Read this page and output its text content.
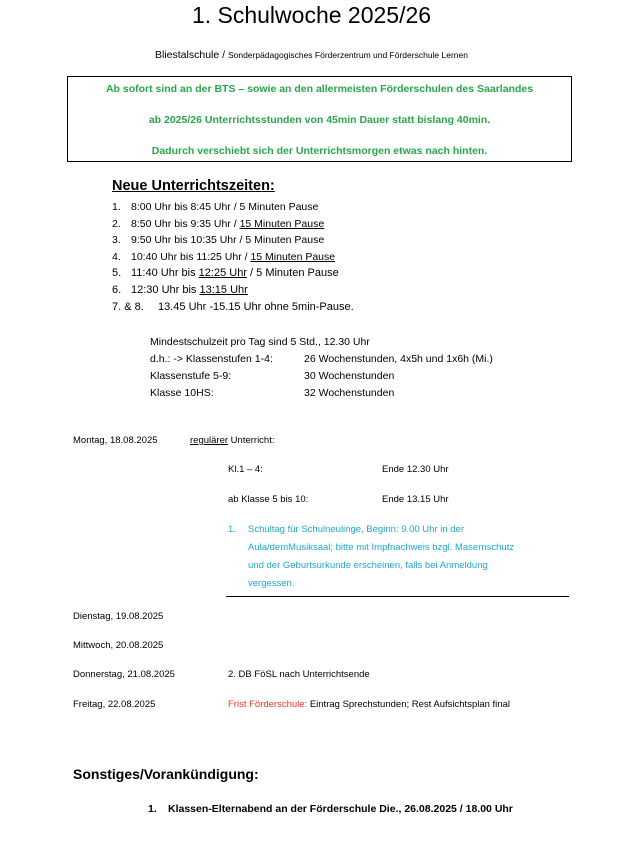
1. Schulwoche 2025/26
Bliestalschule / Sonderpädagogisches Förderzentrum und Förderschule Lernen
Ab sofort sind an der BTS – sowie an den allermeisten Förderschulen des Saarlandes
ab 2025/26 Unterrichtsstunden von 45min Dauer statt bislang 40min.
Dadurch verschiebt sich der Unterrichtsmorgen etwas nach hinten.
Neue Unterrichtszeiten:
1. 8:00 Uhr bis 8:45 Uhr / 5 Minuten Pause
2. 8:50 Uhr bis 9:35 Uhr / 15 Minuten Pause
3. 9:50 Uhr bis 10:35 Uhr / 5 Minuten Pause
4. 10:40 Uhr bis 11:25 Uhr / 15 Minuten Pause
5. 11:40 Uhr bis 12:25 Uhr / 5 Minuten Pause
6. 12:30 Uhr bis 13:15 Uhr
7. & 8. 13.45 Uhr -15.15 Uhr ohne 5min-Pause.
Mindestschulzeit pro Tag sind 5 Std., 12.30 Uhr
d.h.: -> Klassenstufen 1-4:	26 Wochenstunden, 4x5h und 1x6h (Mi.)
Klassenstufe 5-9:	30 Wochenstunden
Klasse 10HS:	32 Wochenstunden
Montag, 18.08.2025	regulärer Unterricht:
Kl.1 – 4:	Ende 12.30 Uhr
ab Klasse 5 bis 10:	Ende 13.15 Uhr
1.	Schultag für Schulneulinge, Beginn: 9.00 Uhr in der
Aula/demMusiksaal; bitte mit Impfnachweis bzgl. Masernschutz
und der Geburtsurkunde erscheinen, falls bei Anmeldung
vergessen.
Dienstag, 19.08.2025
Mittwoch, 20.08.2025
Donnerstag, 21.08.2025	2. DB FöSL nach Unterrichtsende
Freitag, 22.08.2025	Frist Förderschule: Eintrag Sprechstunden; Rest Aufsichtsplan final
Sonstiges/Vorankündigung:
1. Klassen-Elternabend an der Förderschule Die., 26.08.2025 / 18.00 Uhr
